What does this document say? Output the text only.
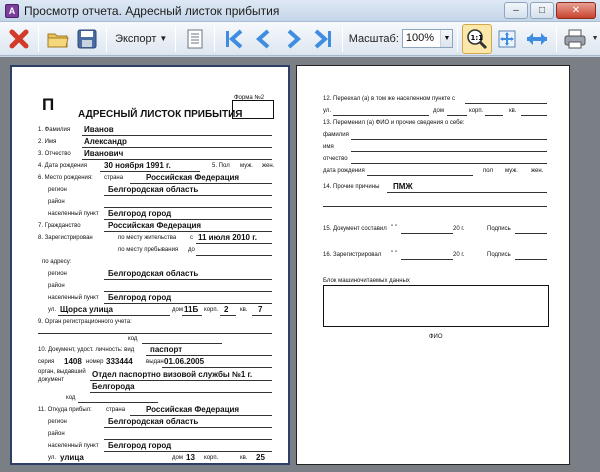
A Просмотр отчета. Адресный листок прибытия	–	□	✕
Экспорт ▼	Масштаб: 100%	▼	1:1	▼
П
АДРЕСНЫЙ ЛИСТОК ПРИБЫТИЯ
Форма №2
1. Фамилия Иванов
2. Имя	Александр
3. Отчество Иванович
4. Дата рождения 30 ноября 1991 г.	5. Пол муж. жен.
6. Место рождения: страна	Российская Федерация
регион	Белгородская область
район
населенный пункт Белгород город
7. Гражданство	Российская Федерация
8. Зарегистрирован	по месту жительства с 11 июля 2010 г.
по месту пребывания до
по адресу:
регион	Белгородская область
район
населенный пункт Белгород город
ул. Щорса улица	дом 11Б корп. 2 кв. 7
9. Орган регистрационного учета:
код
10. Документ, удост. личность: вид паспорт
серия 1408 номер 333444 выдан 01.06.2005
орган, выдавший
документ
Отдел паспортно визовой службы №1 г.
Белгорода
код
11. Откуда прибыл: страна	Российская Федерация
регион	Белгородская область
район
населенный пункт Белгород город
ул. улица	дом 13 корп.	кв. 25
12. Переехал (а) в том же населенном пункте с
ул.	дом	корп.	кв.
13. Переменил (а) ФИО и прочие сведения о себе:
фамилия
имя
отчество
дата рождения	пол муж. жен.
14. Прочие причины ПМЖ
15. Документ составил " "	20 г.	Подпись
16. Зарегистрировал " "	20 г.	Подпись
Блок машиночитаемых данных
ФИО
